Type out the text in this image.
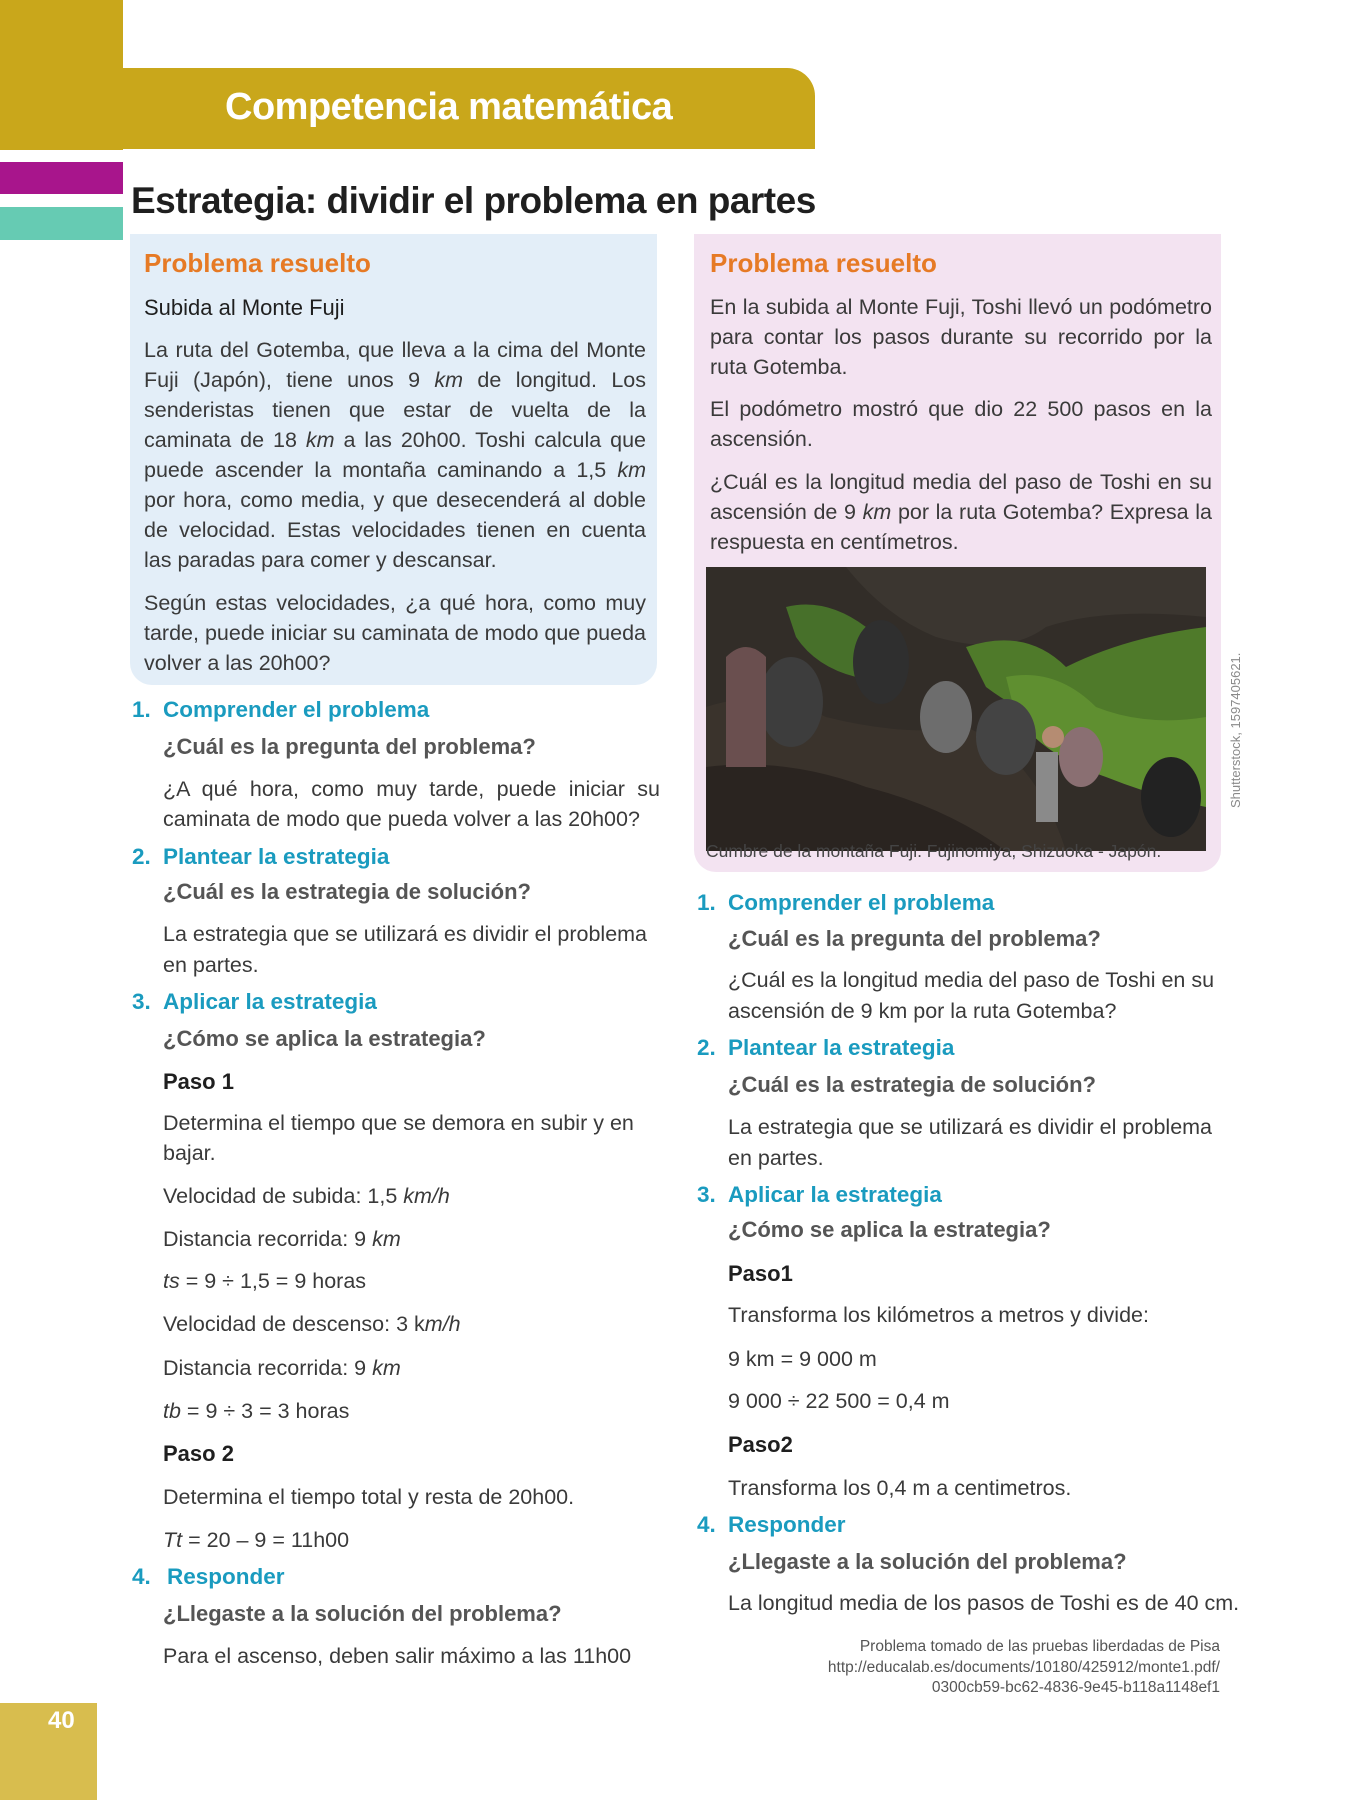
Competencia matemática
Estrategia: dividir el problema en partes
Problema resuelto
Subida al Monte Fuji
La ruta del Gotemba, que lleva a la cima del Monte Fuji (Japón), tiene unos 9 km de longitud. Los senderistas tienen que estar de vuelta de la caminata de 18 km a las 20h00. Toshi calcula que puede ascender la montaña caminando a 1,5 km por hora, como media, y que desecenderá al doble de velocidad. Estas velocidades tienen en cuenta las paradas para comer y descansar.
Según estas velocidades, ¿a qué hora, como muy tarde, puede iniciar su caminata de modo que pueda volver a las 20h00?
1. Comprender el problema
¿Cuál es la pregunta del problema?
¿A qué hora, como muy tarde, puede iniciar su
caminata de modo que pueda volver a las 20h00?
2. Plantear la estrategia
¿Cuál es la estrategia de solución?
La estrategia que se utilizará es dividir el problema
en partes.
3. Aplicar la estrategia
¿Cómo se aplica la estrategia?
Paso 1
Determina el tiempo que se demora en subir y en
bajar.
Velocidad de subida: 1,5 km/h
Distancia recorrida: 9 km
ts = 9 ÷ 1,5 = 9 horas
Velocidad de descenso: 3 km/h
Distancia recorrida: 9 km
tb = 9 ÷ 3 = 3 horas
Paso 2
Determina el tiempo total y resta de 20h00.
Tt = 20 – 9 = 11h00
4. Responder
¿Llegaste a la solución del problema?
Para el ascenso, deben salir máximo a las 11h00
Problema resuelto
En la subida al Monte Fuji, Toshi llevó un podómetro para contar los pasos durante su recorrido por la ruta Gotemba.
El podómetro mostró que dio 22 500 pasos en la ascensión.
¿Cuál es la longitud media del paso de Toshi en su ascensión de 9 km por la ruta Gotemba? Expresa la respuesta en centímetros.
Cumbre de la montaña Fuji. Fujinomiya, Shizuoka - Japón.
Shutterstock, 1597405621.
1. Comprender el problema
¿Cuál es la pregunta del problema?
¿Cuál es la longitud media del paso de Toshi en su
ascensión de 9 km por la ruta Gotemba?
2. Plantear la estrategia
¿Cuál es la estrategia de solución?
La estrategia que se utilizará es dividir el problema
en partes.
3. Aplicar la estrategia
¿Cómo se aplica la estrategia?
Paso1
Transforma los kilómetros a metros y divide:
9 km = 9 000 m
9 000 ÷ 22 500 = 0,4 m
Paso2
Transforma los 0,4 m a centimetros.
4. Responder
¿Llegaste a la solución del problema?
La longitud media de los pasos de Toshi es de 40 cm.
Problema tomado de las pruebas liberdadas de Pisa
http://educalab.es/documents/10180/425912/monte1.pdf/
0300cb59-bc62-4836-9e45-b118a1148ef1
40
